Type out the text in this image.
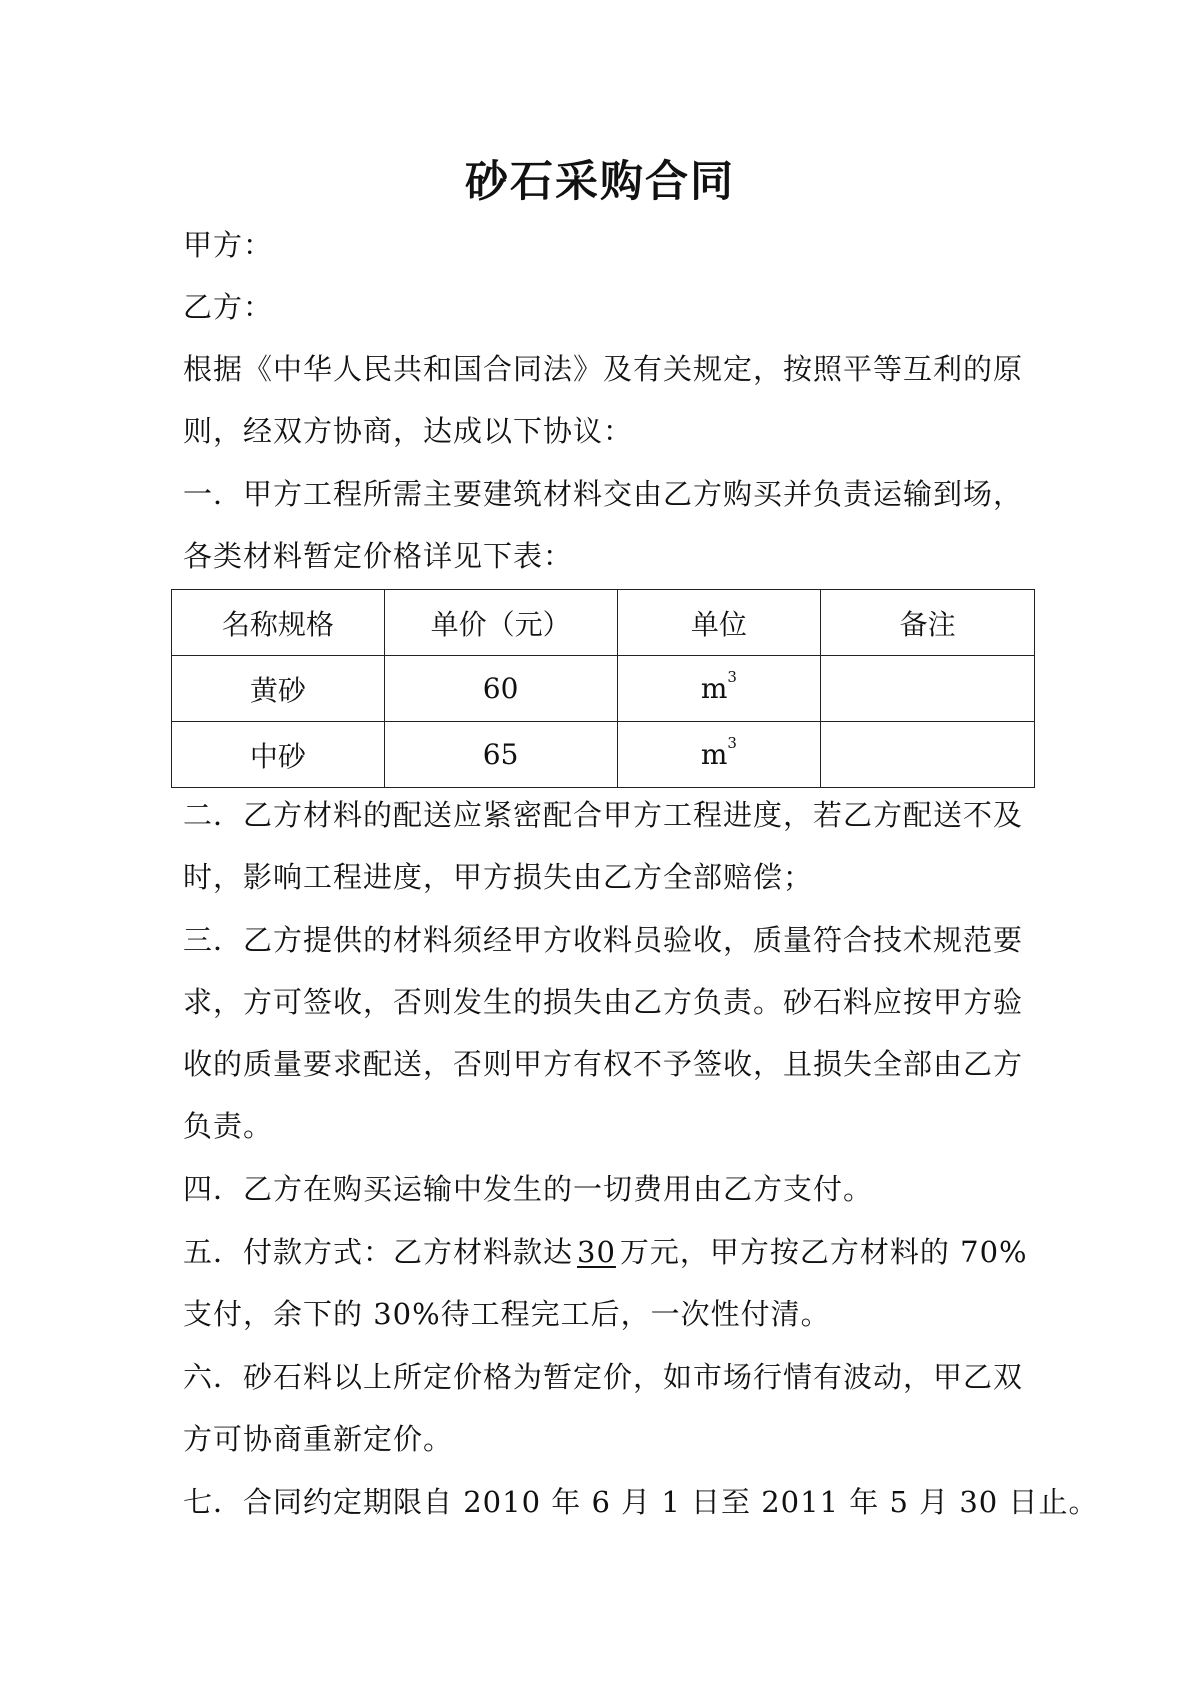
砂石采购合同
甲方：
乙方：
根据《中华人民共和国合同法》及有关规定，按照平等互利的原
则，经双方协商，达成以下协议：
一．甲方工程所需主要建筑材料交由乙方购买并负责运输到场，
各类材料暂定价格详见下表：
名称规格	单价（元）	单位	备注
黄砂	60	$m^3$	
中砂	65	$m^3$	
二．乙方材料的配送应紧密配合甲方工程进度，若乙方配送不及
时，影响工程进度，甲方损失由乙方全部赔偿；
三．乙方提供的材料须经甲方收料员验收，质量符合技术规范要
求，方可签收，否则发生的损失由乙方负责。砂石料应按甲方验
收的质量要求配送，否则甲方有权不予签收，且损失全部由乙方
负责。
四．乙方在购买运输中发生的一切费用由乙方支付。
五．付款方式：乙方材料款达 30 万元，甲方按乙方材料的 70%
支付，余下的 30%待工程完工后，一次性付清。
六．砂石料以上所定价格为暂定价，如市场行情有波动，甲乙双
方可协商重新定价。
七．合同约定期限自 2010 年 6 月 1 日至 2011 年 5 月 30 日止。
